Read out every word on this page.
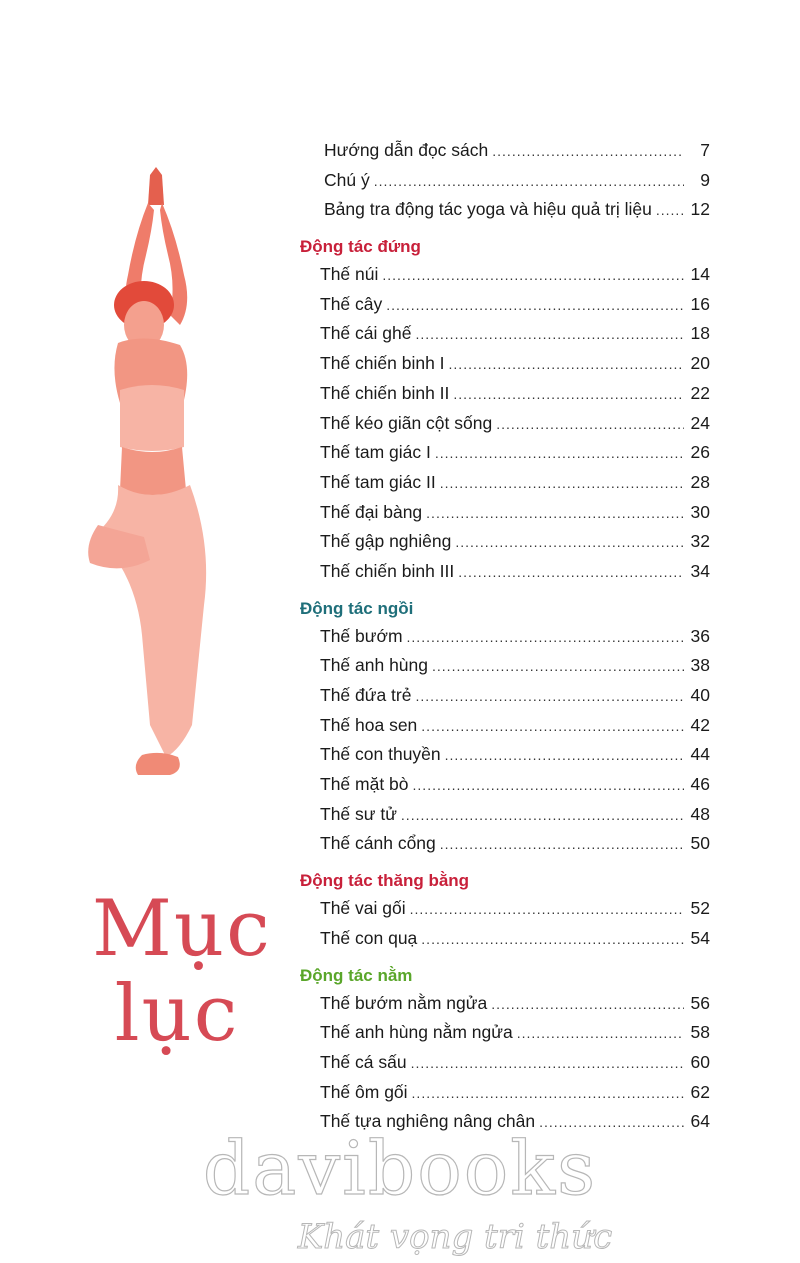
Mục
lục
Hướng dẫn đọc sách .....	7
Chú ý .....	9
Bảng tra động tác yoga và hiệu quả trị liệu ..... 12
Động tác đứng
Thế núi .....	14
Thế cây .....	16
Thế cái ghế .....	18
Thế chiến binh I .....	20
Thế chiến binh II .....	22
Thế kéo giãn cột sống .....	24
Thế tam giác I .....	26
Thế tam giác II .....	28
Thế đại bàng .....	30
Thế gập nghiêng .....	32
Thế chiến binh III .....	34
Động tác ngồi
Thế bướm .....	36
Thế anh hùng .....	38
Thế đứa trẻ .....	40
Thế hoa sen .....	42
Thế con thuyền .....	44
Thế mặt bò .....	46
Thế sư tử .....	48
Thế cánh cổng .....	50
Động tác thăng bằng
Thế vai gối .....	52
Thế con quạ .....	54
Động tác nằm
Thế bướm nằm ngửa .....	56
Thế anh hùng nằm ngửa .....	58
Thế cá sấu .....	60
Thế ôm gối .....	62
Thế tựa nghiêng nâng chân .....	64
davibooks
Khát vọng tri thức
